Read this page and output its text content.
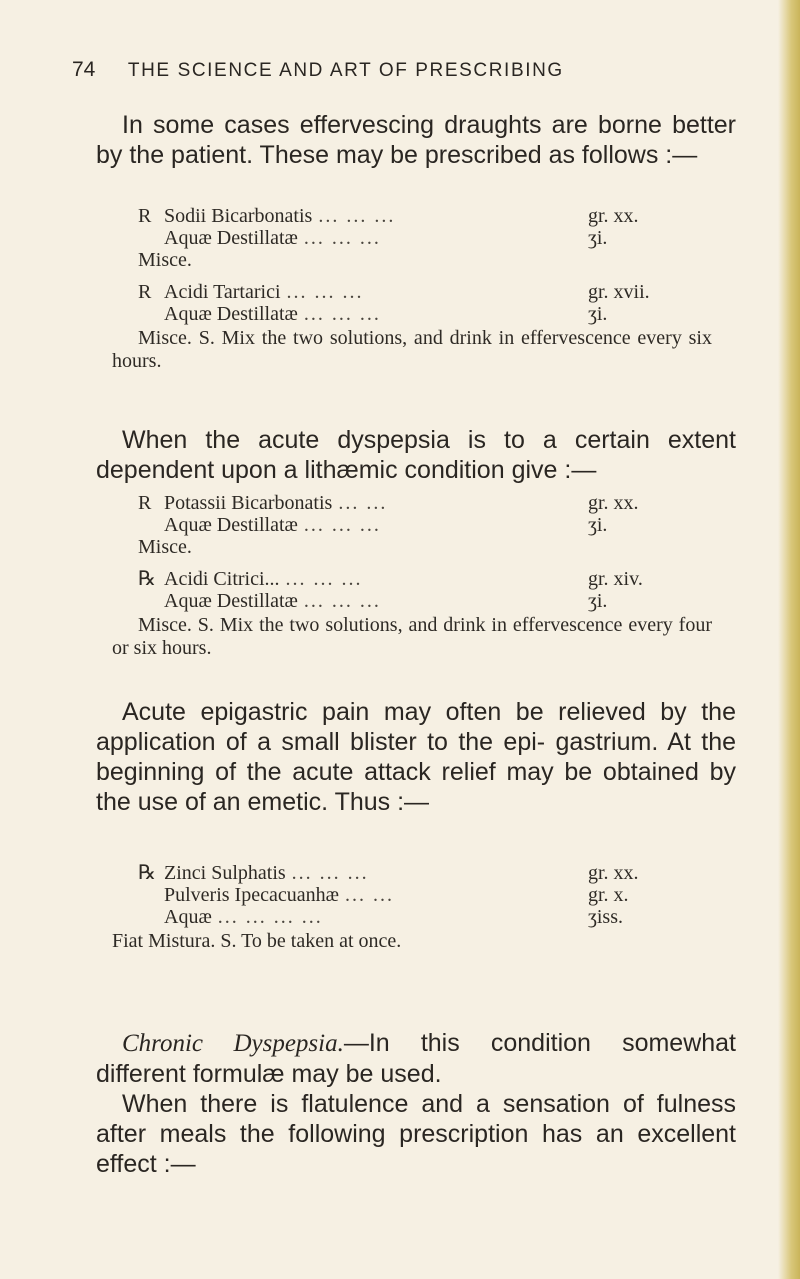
74 THE SCIENCE AND ART OF PRESCRIBING

In some cases effervescing draughts are borne better by the patient. These may be prescribed as follows :—

R Sodii Bicarbonatis ... ... ...	gr. xx.
Aquæ Destillatæ ... ... ...	ʒi.
Misce.
R Acidi Tartarici ... ... ...	gr. xvii.
Aquæ Destillatæ ... ... ...	ʒi.
Misce. S. Mix the two solutions, and drink in effervescence every six hours.

When the acute dyspepsia is to a certain extent dependent upon a lithæmic condition give :—

R Potassii Bicarbonatis ... ...	gr. xx.
Aquæ Destillatæ ... ... ...	ʒi.
Misce.
℞ Acidi Citrici... ... ... ...	gr. xiv.
Aquæ Destillatæ ... ... ...	ʒi.
Misce. S. Mix the two solutions, and drink in effervescence every four or six hours.

Acute epigastric pain may often be relieved by the application of a small blister to the epi- gastrium. At the beginning of the acute attack relief may be obtained by the use of an emetic. Thus :—

℞ Zinci Sulphatis ... ... ...	gr. xx.
Pulveris Ipecacuanhæ ... ...	gr. x.
Aquæ ... ... ... ...	ʒiss.
Fiat Mistura. S. To be taken at once.

Chronic Dyspepsia.—In this condition somewhat different formulæ may be used.

When there is flatulence and a sensation of fulness after meals the following prescription has an excellent effect :—
